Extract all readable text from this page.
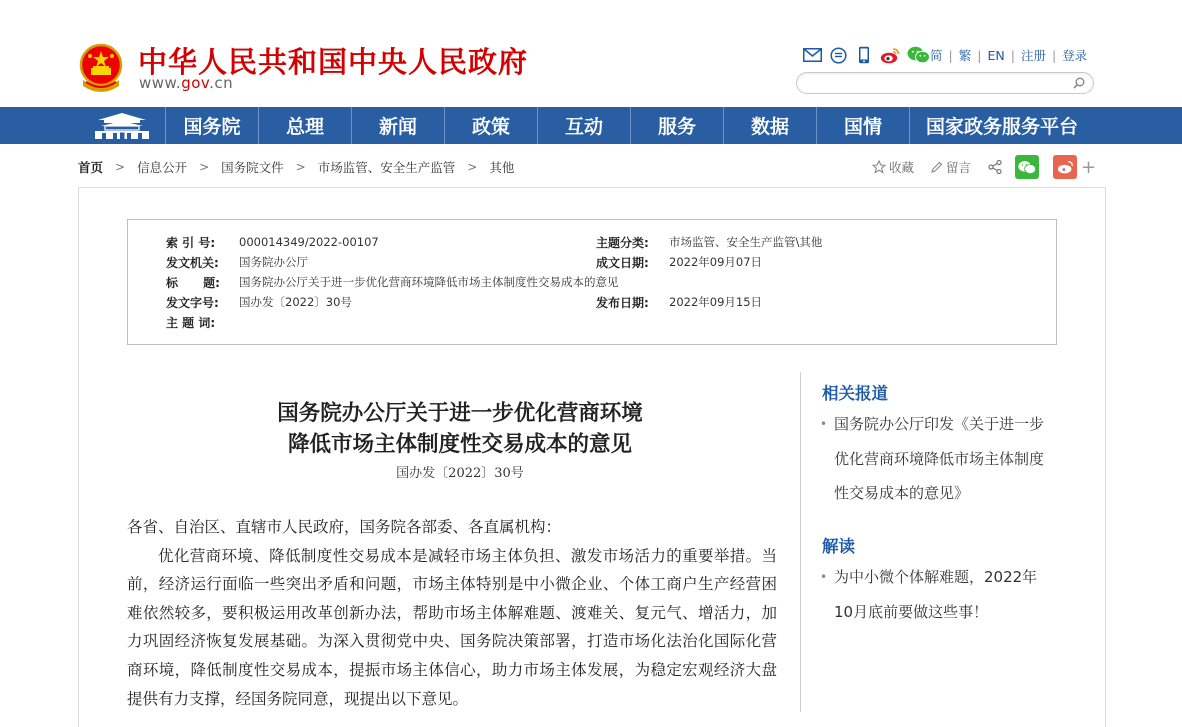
中华人民共和国中央人民政府
www.gov.cn
简 | 繁 | EN | 注册 | 登录
国务院	总理	新闻	政策	互动	服务	数据	国情	国家政务服务平台
首页 > 信息公开 > 国务院文件 > 市场监管、安全生产监管 > 其他	收藏	留言	+
索 引 号:	000014349/2022-00107	主题分类:	市场监管、安全生产监管\其他
发文机关:	国务院办公厅	成文日期:	2022年09月07日
标      题:	国务院办公厅关于进一步优化营商环境降低市场主体制度性交易成本的意见
发文字号:	国办发〔2022〕30号	发布日期:	2022年09月15日
主 题 词:
国务院办公厅关于进一步优化营商环境
降低市场主体制度性交易成本的意见
国办发〔2022〕30号

各省、自治区、直辖市人民政府，国务院各部委、各直属机构：

优化营商环境、降低制度性交易成本是减轻市场主体负担、激发市场活力的重要举措。当前，经济运行面临一些突出矛盾和问题，市场主体特别是中小微企业、个体工商户生产经营困难依然较多，要积极运用改革创新办法，帮助市场主体解难题、渡难关、复元气、增活力，加力巩固经济恢复发展基础。为深入贯彻党中央、国务院决策部署，打造市场化法治化国际化营商环境，降低制度性交易成本，提振市场主体信心，助力市场主体发展，为稳定宏观经济大盘提供有力支撑，经国务院同意，现提出以下意见。

相关报道
• 国务院办公厅印发《关于进一步优化营商环境降低市场主体制度性交易成本的意见》
解读
• 为中小微个体解难题，2022年10月底前要做这些事！
